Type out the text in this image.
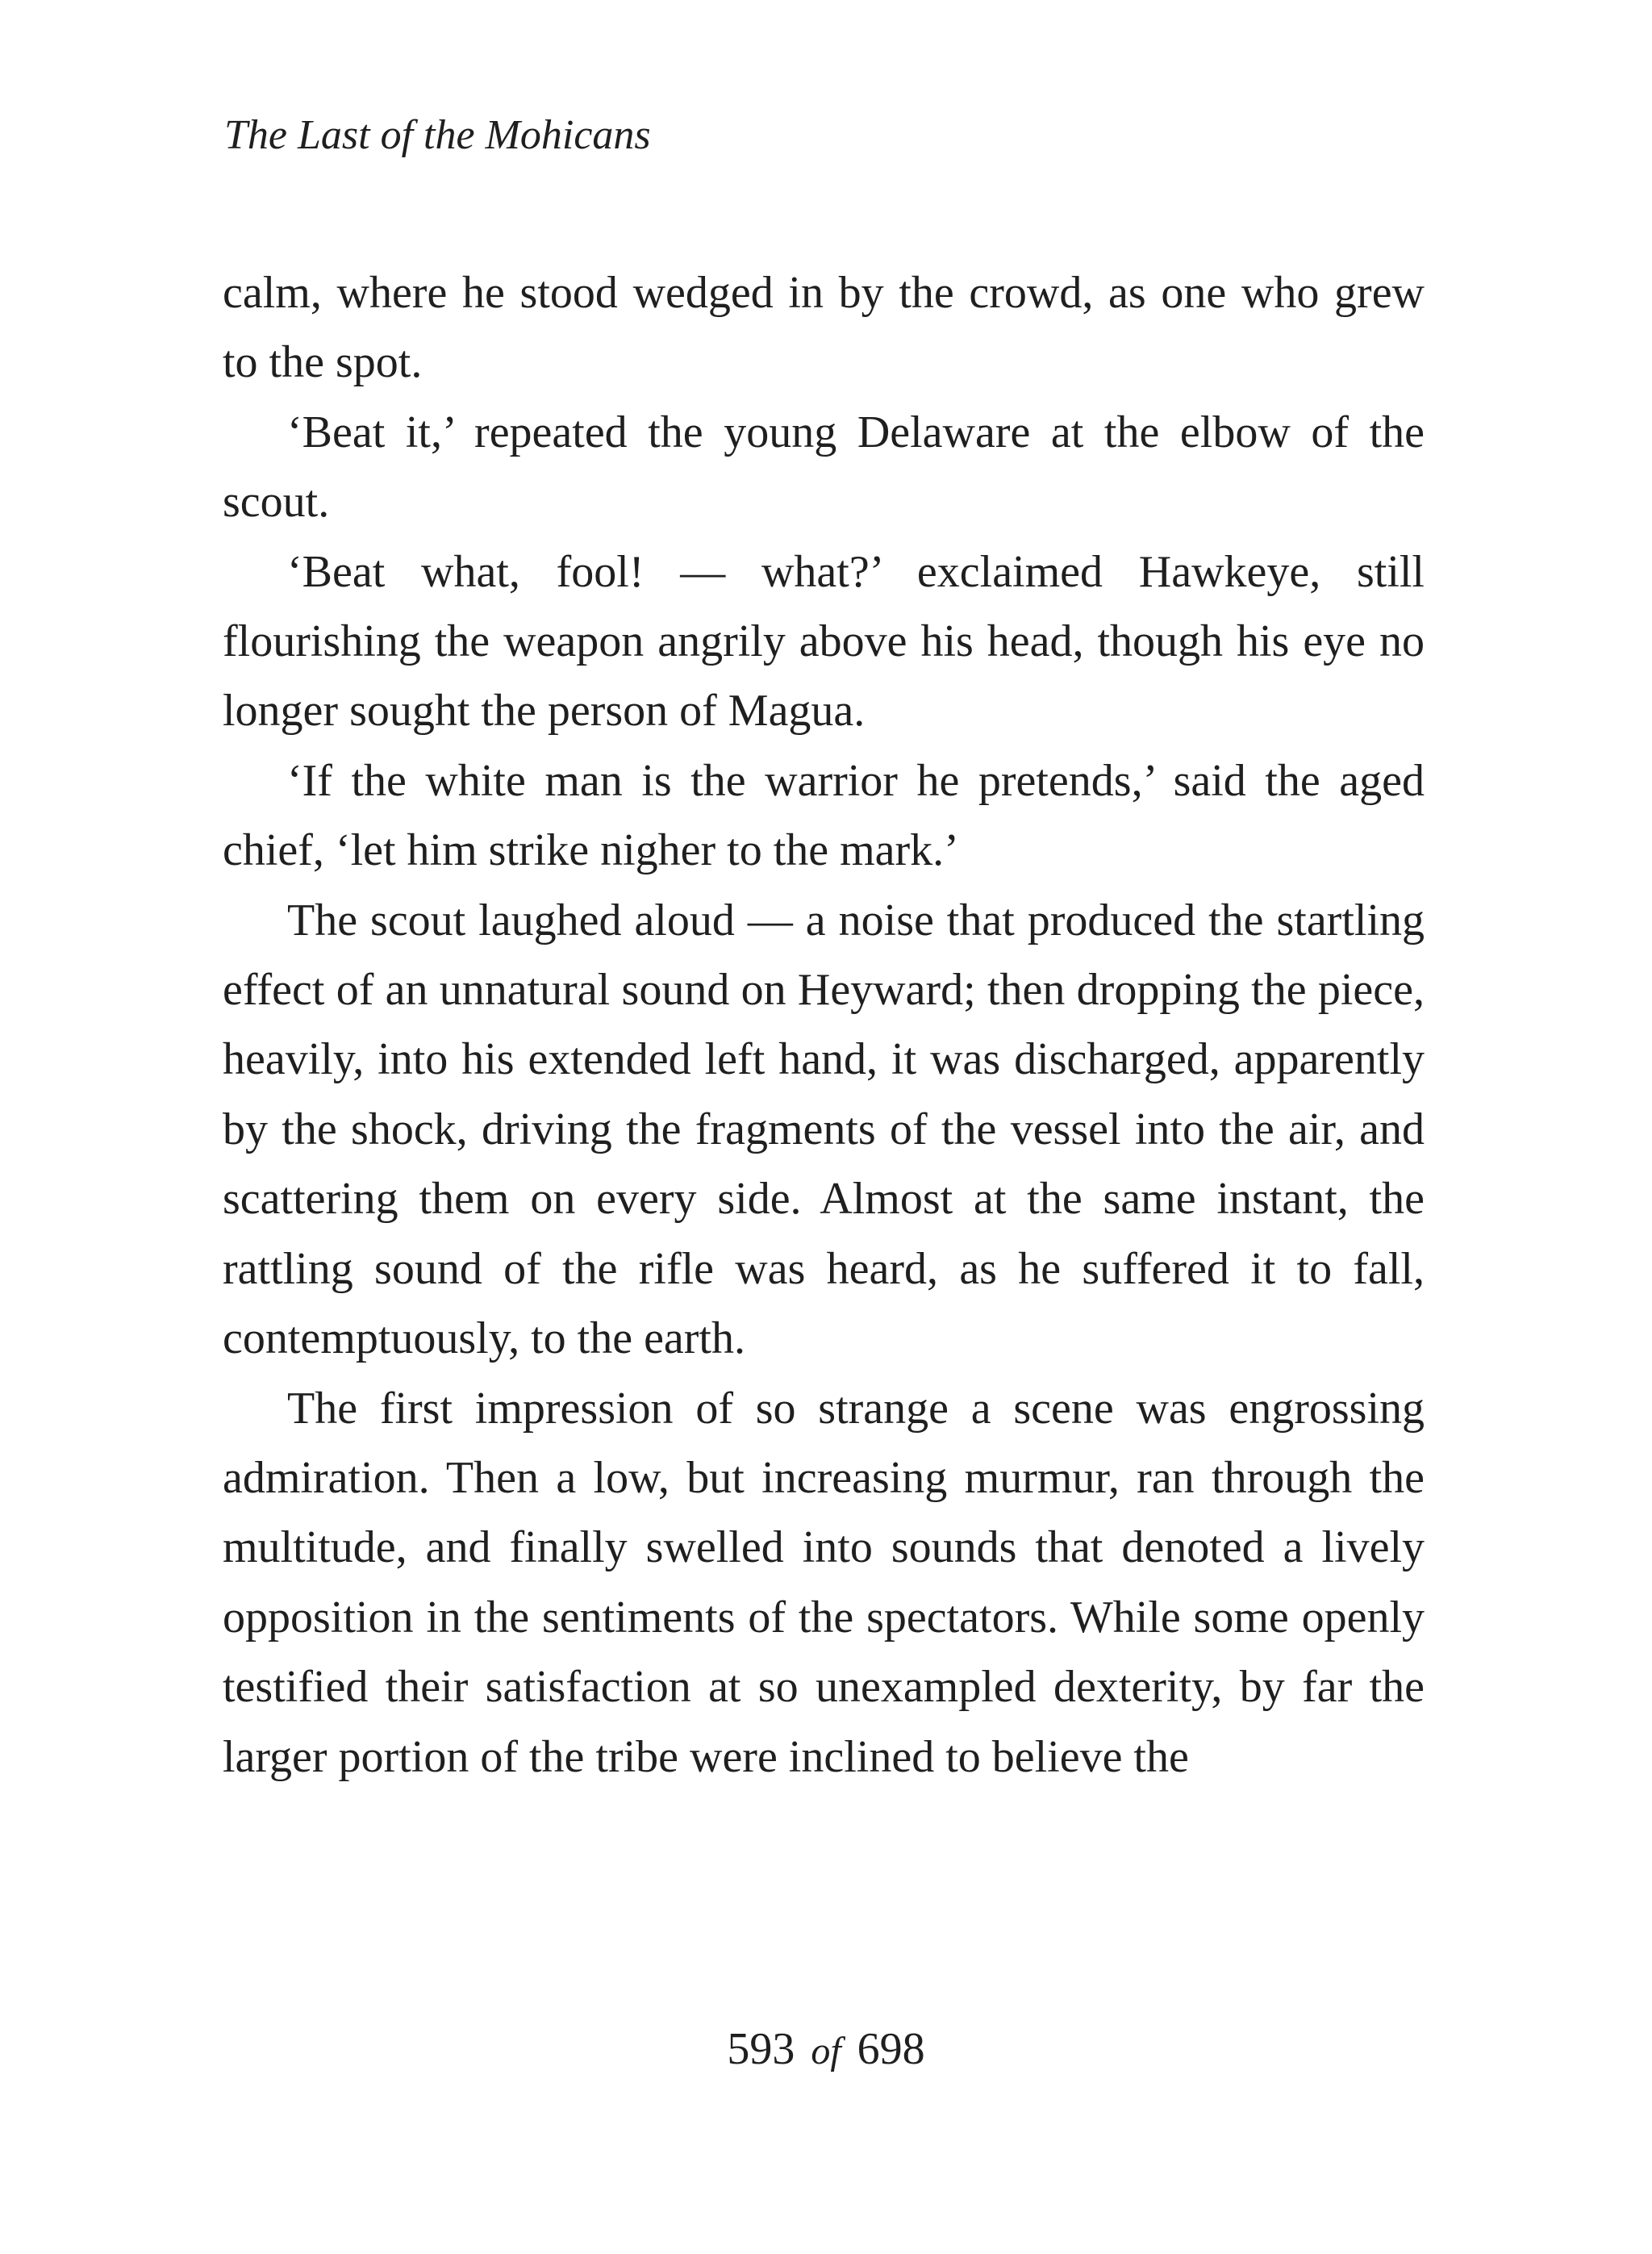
The Last of the Mohicans

calm, where he stood wedged in by the crowd, as one who grew to the spot.

‘Beat it,’ repeated the young Delaware at the elbow of the scout.

‘Beat what, fool! — what?’ exclaimed Hawkeye, still flourishing the weapon angrily above his head, though his eye no longer sought the person of Magua.

‘If the white man is the warrior he pretends,’ said the aged chief, ‘let him strike nigher to the mark.’

The scout laughed aloud — a noise that produced the startling effect of an unnatural sound on Heyward; then dropping the piece, heavily, into his extended left hand, it was discharged, apparently by the shock, driving the fragments of the vessel into the air, and scattering them on every side. Almost at the same instant, the rattling sound of the rifle was heard, as he suffered it to fall, contemptuously, to the earth.

The first impression of so strange a scene was engrossing admiration. Then a low, but increasing murmur, ran through the multitude, and finally swelled into sounds that denoted a lively opposition in the sentiments of the spectators. While some openly testified their satisfaction at so unexampled dexterity, by far the larger portion of the tribe were inclined to believe the

593 of 698
